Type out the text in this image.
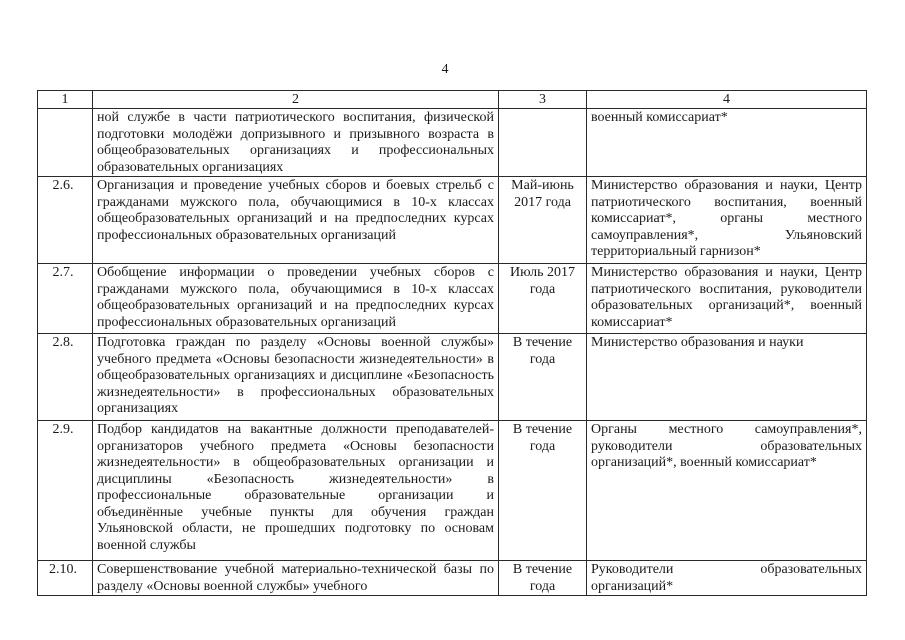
4
1	2	3	4
	ной службе в части патриотического воспитания, физической подготовки молодёжи допризывного и призывного возраста в общеобразовательных организациях и профессиональных образовательных организациях		военный комиссариат*
2.6.	Организация и проведение учебных сборов и боевых стрельб с гражданами мужского пола, обучающимися в 10-х классах общеобразовательных организаций и на предпоследних курсах профессиональных образовательных организаций	Май-июнь 2017 года	Министерство образования и науки, Центр патриотического воспитания, военный комиссариат*, органы местного самоуправления*, Ульяновский территориальный гарнизон*
2.7.	Обобщение информации о проведении учебных сборов с гражданами мужского пола, обучающимися в 10-х классах общеобразовательных организаций и на предпоследних курсах профессиональных образовательных организаций	Июль 2017 года	Министерство образования и науки, Центр патриотического воспитания, руководители образовательных организаций*, военный комиссариат*
2.8.	Подготовка граждан по разделу «Основы военной службы» учебного предмета «Основы безопасности жизнедеятельности» в общеобразовательных организациях и дисциплине «Безопасность жизнедеятельности» в профессиональных образовательных организациях	В течение года	Министерство образования и науки
2.9.	Подбор кандидатов на вакантные должности преподавателей-организаторов учебного предмета «Основы безопасности жизнедеятельности» в общеобразовательных организации и дисциплины «Безопасность жизнедеятельности» в профессиональные образовательные организации и объединённые учебные пункты для обучения граждан Ульяновской области, не прошедших подготовку по основам военной службы	В течение года	Органы местного самоуправления*, руководители образовательных организаций*, военный комиссариат*
2.10.	Совершенствование учебной материально-технической базы по разделу «Основы военной службы» учебного	В течение года	Руководители образовательных организаций*
